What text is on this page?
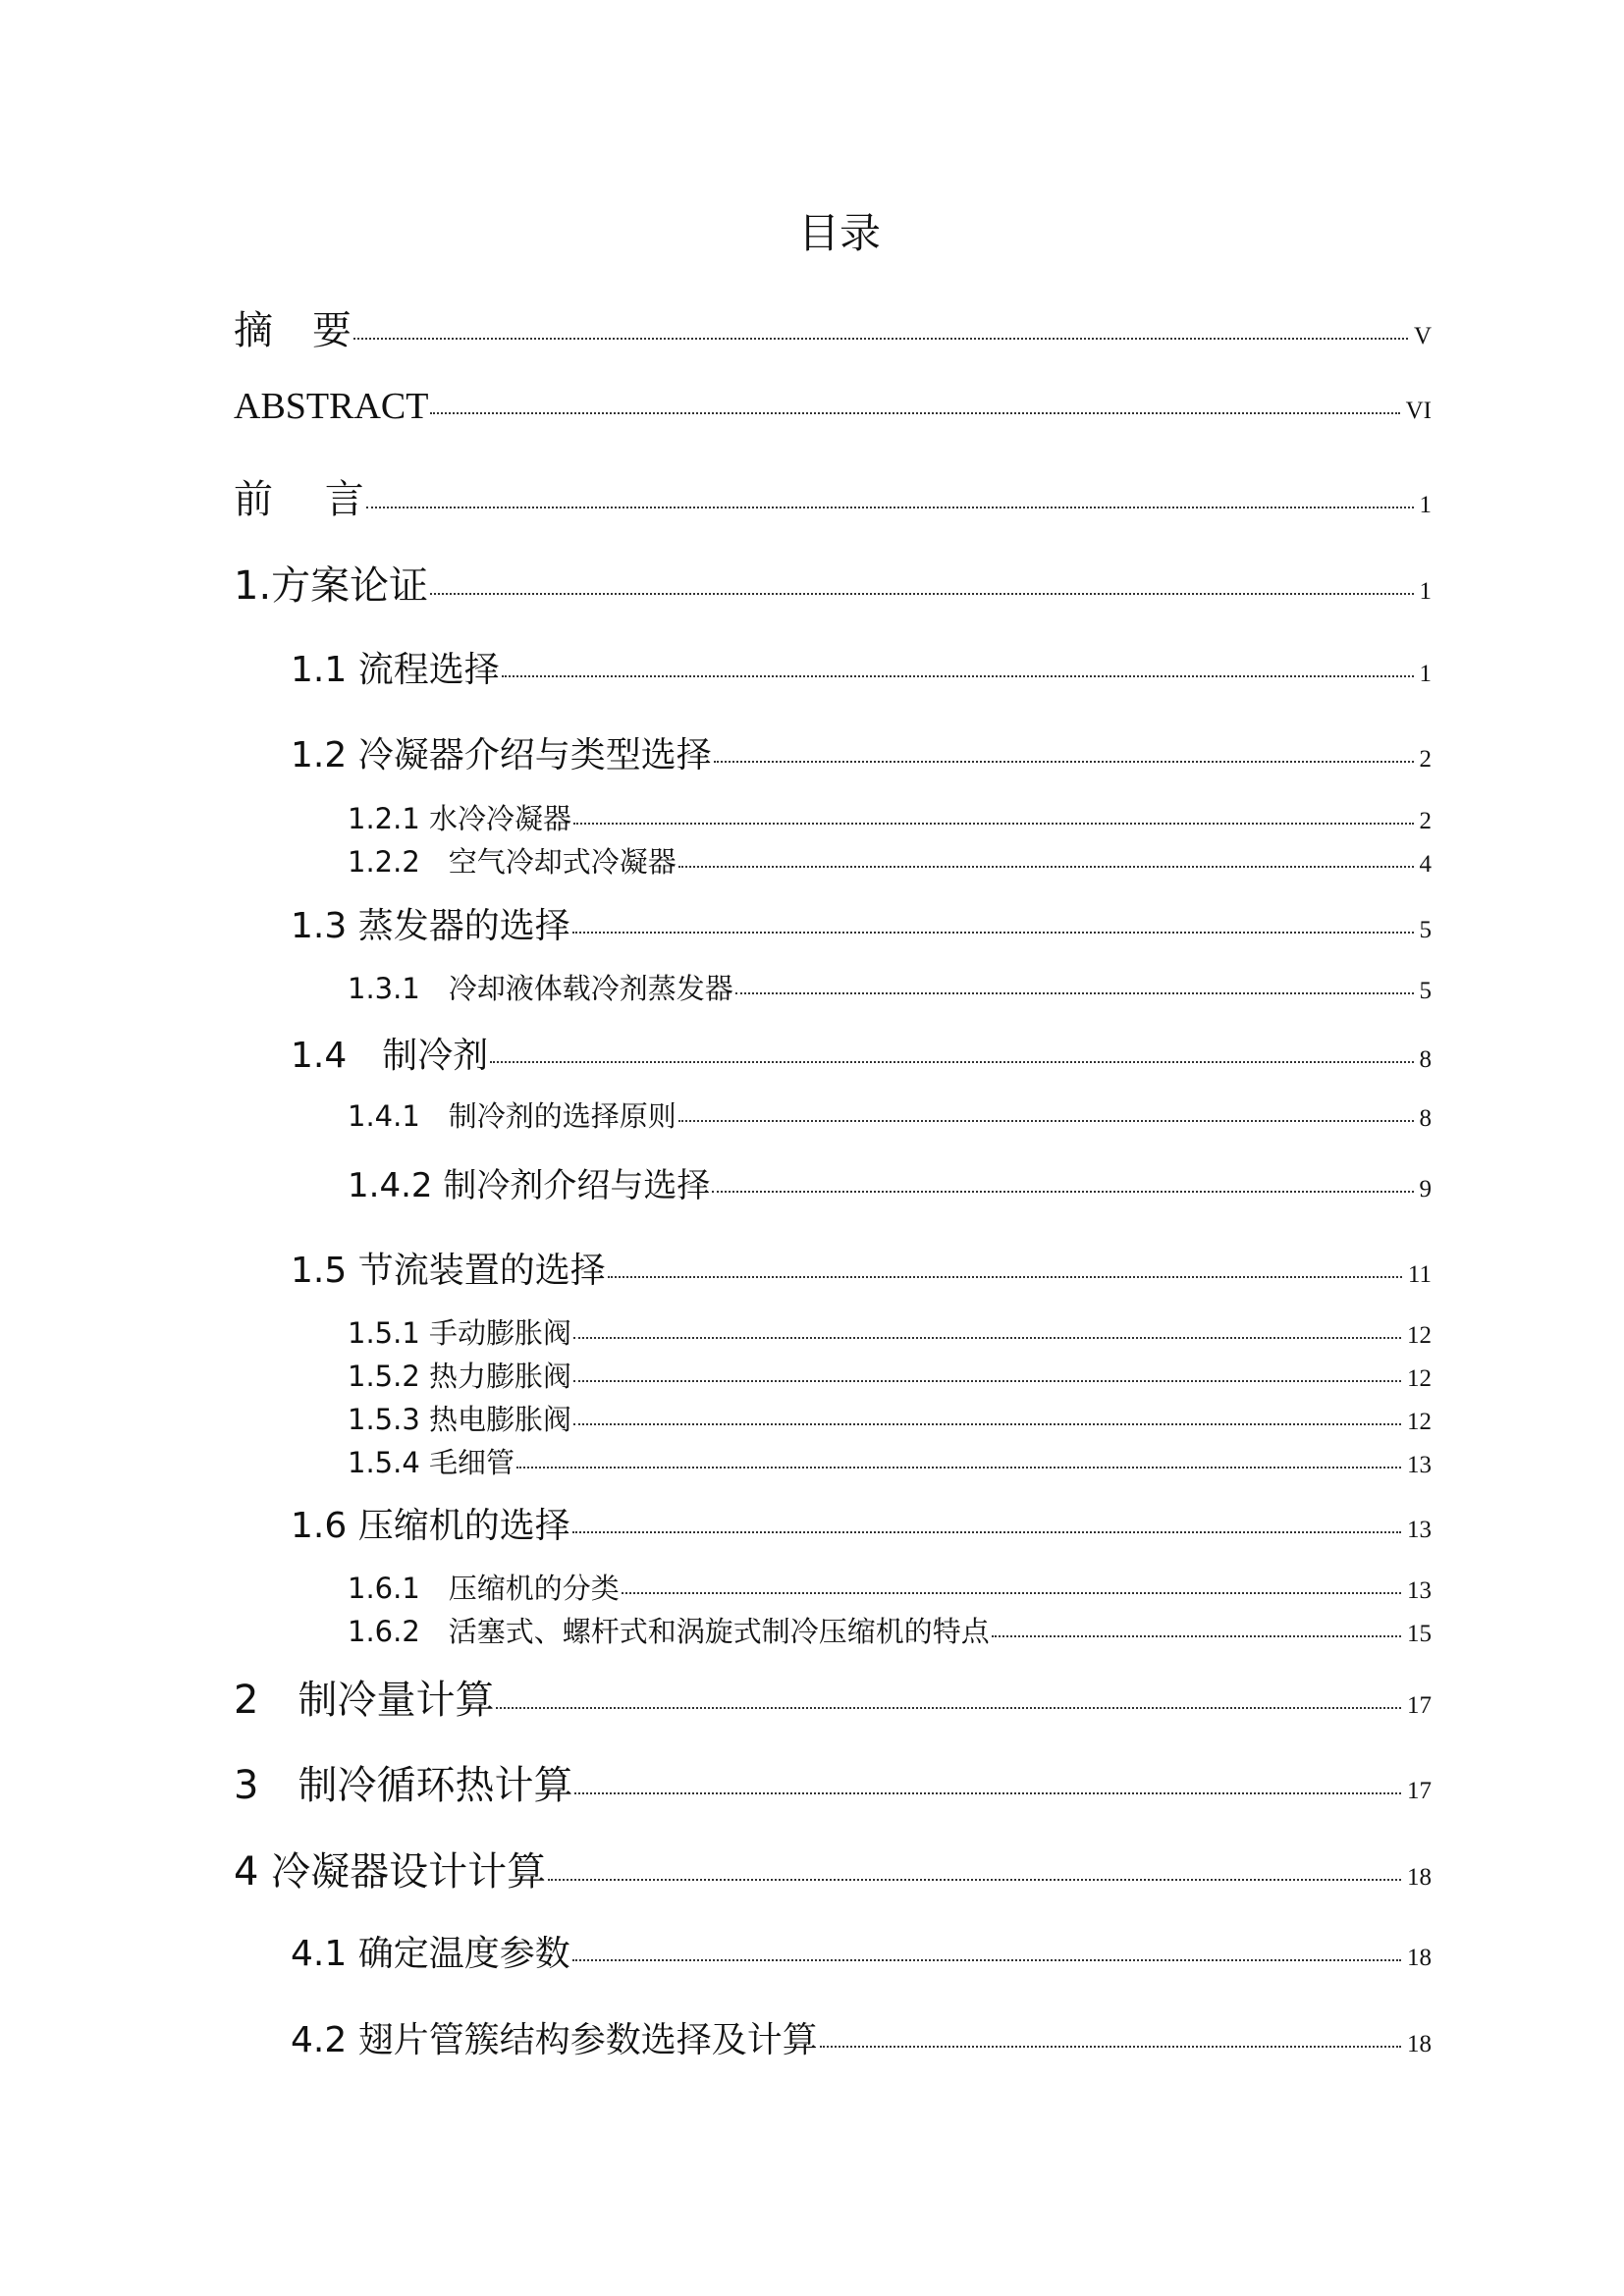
目录
摘　要	V
ABSTRACT	VI
前　 言	1
1.方案论证	1
1.1 流程选择	1
1.2 冷凝器介绍与类型选择	2
1.2.1 水冷冷凝器	2
1.2.2　空气冷却式冷凝器	4
1.3 蒸发器的选择	5
1.3.1　冷却液体载冷剂蒸发器	5
1.4　制冷剂	8
1.4.1　制冷剂的选择原则	8
1.4.2 制冷剂介绍与选择	9
1.5 节流装置的选择	11
1.5.1 手动膨胀阀	12
1.5.2 热力膨胀阀	12
1.5.3 热电膨胀阀	12
1.5.4 毛细管	13
1.6 压缩机的选择	13
1.6.1　压缩机的分类	13
1.6.2　活塞式、螺杆式和涡旋式制冷压缩机的特点	15
2　制冷量计算	17
3　制冷循环热计算	17
4 冷凝器设计计算	18
4.1 确定温度参数	18
4.2 翅片管簇结构参数选择及计算	18
